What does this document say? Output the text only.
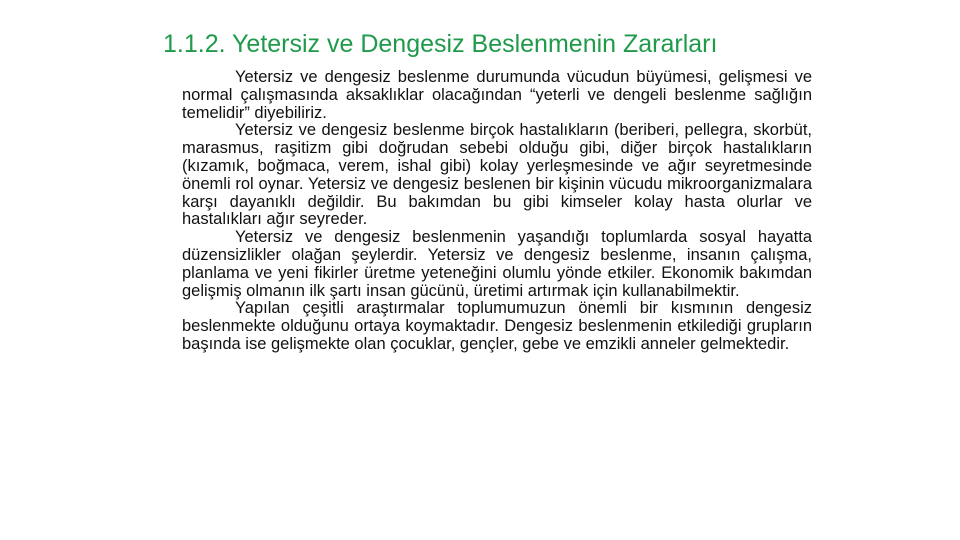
1.1.2. Yetersiz ve Dengesiz Beslenmenin Zararları

Yetersiz ve dengesiz beslenme durumunda vücudun büyümesi, gelişmesi ve normal çalışmasında aksaklıklar olacağından “yeterli ve dengeli beslenme sağlığın temelidir” diyebiliriz.

Yetersiz ve dengesiz beslenme birçok hastalıkların (beriberi, pellegra, skorbüt, marasmus, raşitizm gibi doğrudan sebebi olduğu gibi, diğer birçok hastalıkların (kızamık, boğmaca, verem, ishal gibi) kolay yerleşmesinde ve ağır seyretmesinde önemli rol oynar. Yetersiz ve dengesiz beslenen bir kişinin vücudu mikroorganizmalara karşı dayanıklı değildir. Bu bakımdan bu gibi kimseler kolay hasta olurlar ve hastalıkları ağır seyreder.

Yetersiz ve dengesiz beslenmenin yaşandığı toplumlarda sosyal hayatta düzensizlikler olağan şeylerdir. Yetersiz ve dengesiz beslenme, insanın çalışma, planlama ve yeni fikirler üretme yeteneğini olumlu yönde etkiler. Ekonomik bakımdan gelişmiş olmanın ilk şartı insan gücünü, üretimi artırmak için kullanabilmektir.

Yapılan çeşitli araştırmalar toplumumuzun önemli bir kısmının dengesiz beslenmekte olduğunu ortaya koymaktadır. Dengesiz beslenmenin etkilediği grupların başında ise gelişmekte olan çocuklar, gençler, gebe ve emzikli anneler gelmektedir.
